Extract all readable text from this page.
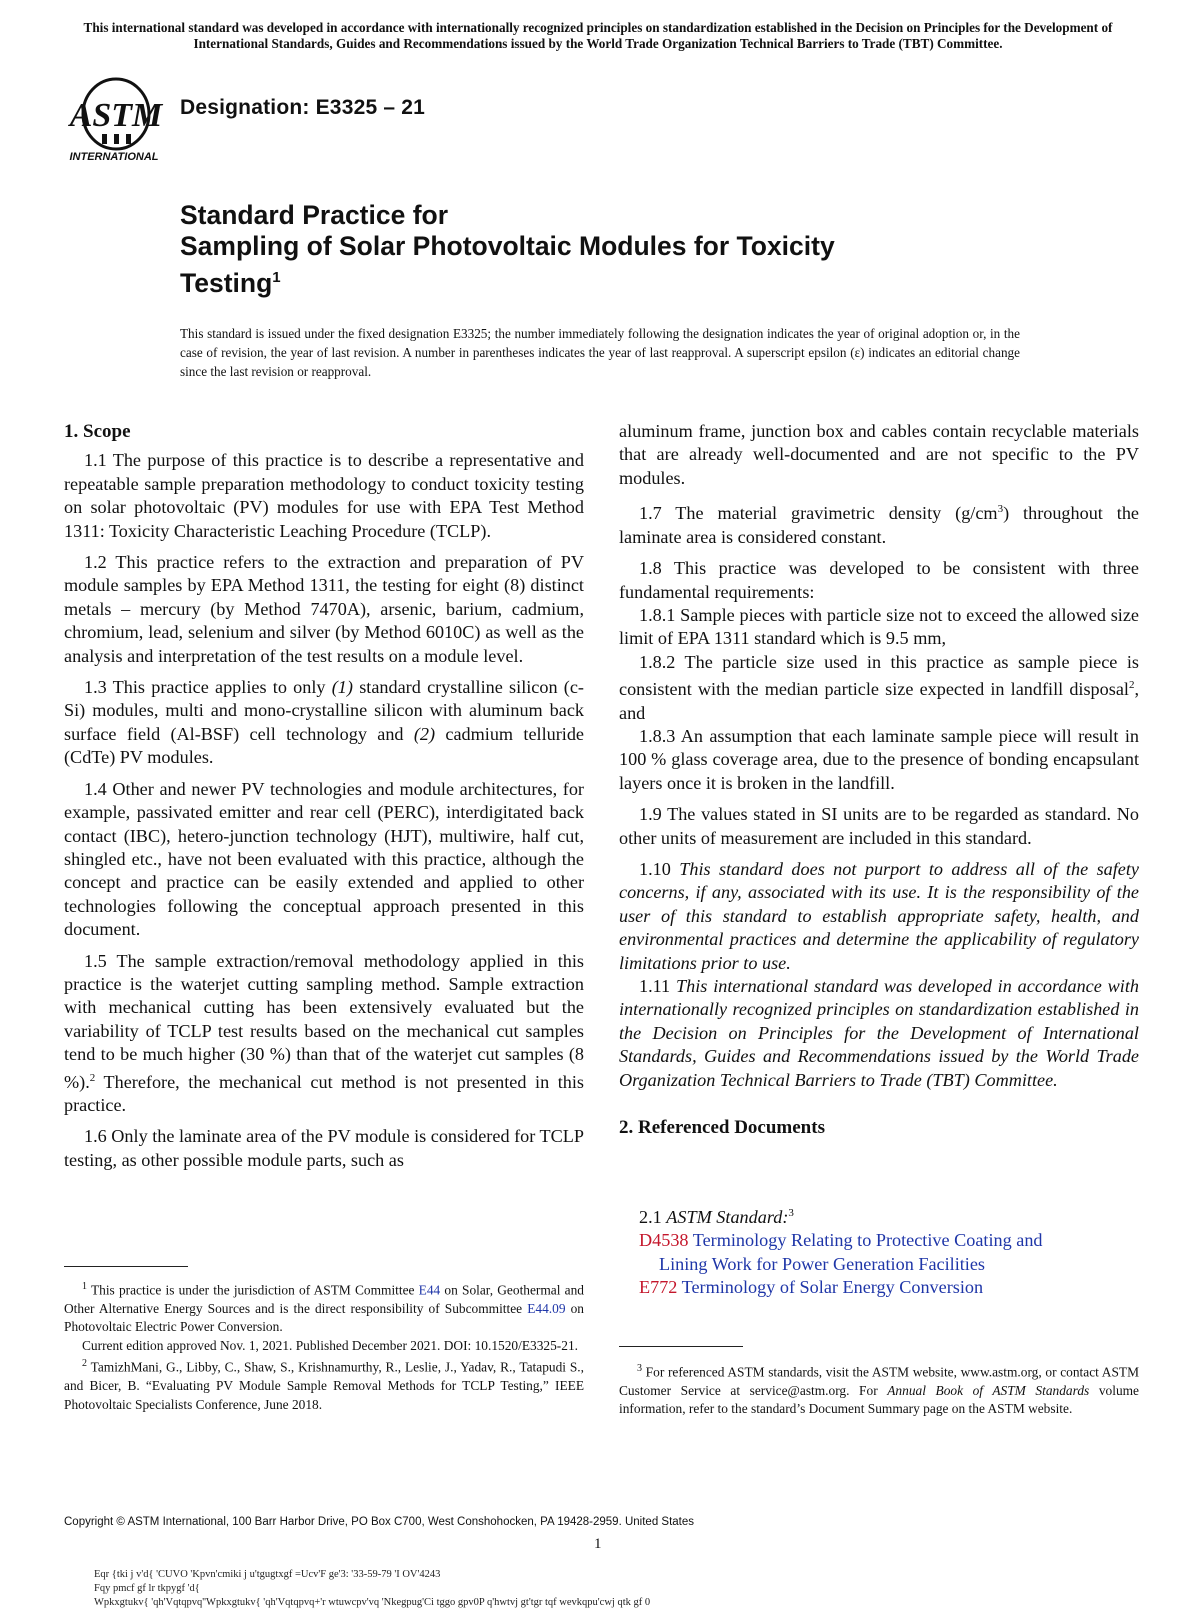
This international standard was developed in accordance with internationally recognized principles on standardization established in the Decision on Principles for the Development of International Standards, Guides and Recommendations issued by the World Trade Organization Technical Barriers to Trade (TBT) Committee.
ASTM
INTERNATIONAL
Designation: E3325 – 21
Standard Practice for
Sampling of Solar Photovoltaic Modules for Toxicity
Testing$^1$
This standard is issued under the fixed designation E3325; the number immediately following the designation indicates the year of original adoption or, in the case of revision, the year of last revision. A number in parentheses indicates the year of last reapproval. A superscript epsilon (ε) indicates an editorial change since the last revision or reapproval.
1. Scope

1.1 The purpose of this practice is to describe a representative and repeatable sample preparation methodology to conduct toxicity testing on solar photovoltaic (PV) modules for use with EPA Test Method 1311: Toxicity Characteristic Leaching Procedure (TCLP).

1.2 This practice refers to the extraction and preparation of PV module samples by EPA Method 1311, the testing for eight (8) distinct metals – mercury (by Method 7470A), arsenic, barium, cadmium, chromium, lead, selenium and silver (by Method 6010C) as well as the analysis and interpretation of the test results on a module level.

1.3 This practice applies to only (1) standard crystalline silicon (c-Si) modules, multi and mono-crystalline silicon with aluminum back surface field (Al-BSF) cell technology and (2) cadmium telluride (CdTe) PV modules.

1.4 Other and newer PV technologies and module architectures, for example, passivated emitter and rear cell (PERC), interdigitated back contact (IBC), hetero-junction technology (HJT), multiwire, half cut, shingled etc., have not been evaluated with this practice, although the concept and practice can be easily extended and applied to other technologies following the conceptual approach presented in this document.

1.5 The sample extraction/removal methodology applied in this practice is the waterjet cutting sampling method. Sample extraction with mechanical cutting has been extensively evaluated but the variability of TCLP test results based on the mechanical cut samples tend to be much higher (30 %) than that of the waterjet cut samples (8 %).$^2$ Therefore, the mechanical cut method is not presented in this practice.

1.6 Only the laminate area of the PV module is considered for TCLP testing, as other possible module parts, such as

aluminum frame, junction box and cables contain recyclable materials that are already well-documented and are not specific to the PV modules.

1.7 The material gravimetric density $(g/cm^3)$ throughout the laminate area is considered constant.

1.8 This practice was developed to be consistent with three fundamental requirements:

1.8.1 Sample pieces with particle size not to exceed the allowed size limit of EPA 1311 standard which is 9.5 mm,

1.8.2 The particle size used in this practice as sample piece is consistent with the median particle size expected in landfill disposal$^2$, and

1.8.3 An assumption that each laminate sample piece will result in 100 % glass coverage area, due to the presence of bonding encapsulant layers once it is broken in the landfill.

1.9 The values stated in SI units are to be regarded as standard. No other units of measurement are included in this standard.

1.10 This standard does not purport to address all of the safety concerns, if any, associated with its use. It is the responsibility of the user of this standard to establish appropriate safety, health, and environmental practices and determine the applicability of regulatory limitations prior to use.

1.11 This international standard was developed in accordance with internationally recognized principles on standardization established in the Decision on Principles for the Development of International Standards, Guides and Recommendations issued by the World Trade Organization Technical Barriers to Trade (TBT) Committee.

2. Referenced Documents
2.1 ASTM Standard:$^3$
D4538 Terminology Relating to Protective Coating and
Lining Work for Power Generation Facilities
E772 Terminology of Solar Energy Conversion

$^1$ This practice is under the jurisdiction of ASTM Committee E44 on Solar, Geothermal and Other Alternative Energy Sources and is the direct responsibility of Subcommittee E44.09 on Photovoltaic Electric Power Conversion.

Current edition approved Nov. 1, 2021. Published December 2021. DOI: 10.1520/E3325-21.

$^2$ TamizhMani, G., Libby, C., Shaw, S., Krishnamurthy, R., Leslie, J., Yadav, R., Tatapudi S., and Bicer, B. “Evaluating PV Module Sample Removal Methods for TCLP Testing,” IEEE Photovoltaic Specialists Conference, June 2018.

$^3$ For referenced ASTM standards, visit the ASTM website, www.astm.org, or contact ASTM Customer Service at service@astm.org. For Annual Book of ASTM Standards volume information, refer to the standard’s Document Summary page on the ASTM website.

Copyright © ASTM International, 100 Barr Harbor Drive, PO Box C700, West Conshohocken, PA 19428-2959. United States
1
Eqr {tki j v'd{ 'CUVO 'Kpvn'cmiki j u'tgugtxgf =Ucv'F ge'3: '33-59-79 'I OV'4243
Fqy pmcf gf lr tkpygf 'd{
Wpkxgtukv{ 'qh'Vqtqpvq''Wpkxgtukv{ 'qh'Vqtqpvq+'r wtuwcpv'vq 'Nkegpug'Ci tggo gpv0P q'hwtvj gt'tgr tqf wevkqpu'cwj qtk gf 0
